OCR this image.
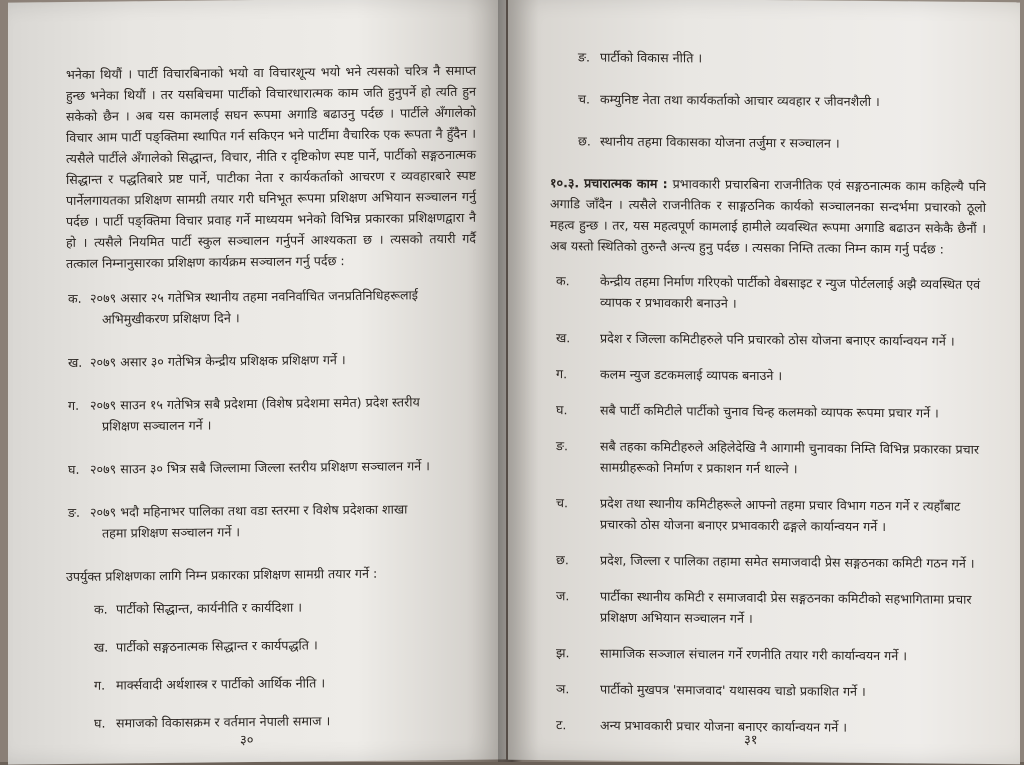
भनेका थियौं । पार्टी विचारबिनाको भयो वा विचारशून्य भयो भने त्यसको चरित्र नै समाप्त हुन्छ भनेका थियौं । तर यसबिचमा पार्टीको विचारधारात्मक काम जति हुनुपर्ने हो त्यति हुन सकेको छैन । अब यस कामलाई सघन रूपमा अगाडि बढाउनु पर्दछ । पार्टीले अँगालेको विचार आम पार्टी पङ्क्तिमा स्थापित गर्न सकिएन भने पार्टीमा वैचारिक एक रूपता नै हुँदैन । त्यसैले पार्टीले अँगालेको सिद्धान्त, विचार, नीति र दृष्टिकोण स्पष्ट पार्ने, पार्टीको सङ्गठनात्मक सिद्धान्त र पद्धतिबारे प्रष्ट पार्ने, पाटीका नेता र कार्यकर्ताको आचरण र व्यवहारबारे स्पष्ट पार्नेलगायतका प्रशिक्षण सामग्री तयार गरी घनिभूत रूपमा प्रशिक्षण अभियान सञ्चालन गर्नु पर्दछ । पार्टी पङ्क्तिमा विचार प्रवाह गर्ने माध्ययम भनेको विभिन्न प्रकारका प्रशिक्षणद्वारा नै हो । त्यसैले नियमित पार्टी स्कुल सञ्चालन गर्नुपर्ने आश्यकता छ । त्यसको तयारी गर्दै तत्काल निम्नानुसारका प्रशिक्षण कार्यक्रम सञ्चालन गर्नु पर्दछ :

क. २०७९ असार २५ गतेभित्र स्थानीय तहमा नवनिर्वाचित जनप्रतिनिधिहरूलाई
अभिमुखीकरण प्रशिक्षण दिने ।
ख. २०७९ असार ३० गतेभित्र केन्द्रीय प्रशिक्षक प्रशिक्षण गर्ने ।
ग. २०७९ साउन १५ गतेभित्र सबै प्रदेशमा (विशेष प्रदेशमा समेत) प्रदेश स्तरीय
प्रशिक्षण सञ्चालन गर्ने ।
घ. २०७९ साउन ३० भित्र सबै जिल्लामा जिल्ला स्तरीय प्रशिक्षण सञ्चालन गर्ने ।
ङ. २०७९ भदौ महिनाभर पालिका तथा वडा स्तरमा र विशेष प्रदेशका शाखा
तहमा प्रशिक्षण सञ्चालन गर्ने ।

उपर्युक्त प्रशिक्षणका लागि निम्न प्रकारका प्रशिक्षण सामग्री तयार गर्ने :

क. पार्टीको सिद्धान्त, कार्यनीति र कार्यदिशा ।
ख. पार्टीको सङ्गठनात्मक सिद्धान्त र कार्यपद्धति ।
ग. मार्क्सवादी अर्थशास्त्र र पार्टीको आर्थिक नीति ।
घ. समाजको विकासक्रम र वर्तमान नेपाली समाज ।
३०
ङ. पार्टीको विकास नीति ।
च. कम्युनिष्ट नेता तथा कार्यकर्ताको आचार व्यवहार र जीवनशैली ।
छ. स्थानीय तहमा विकासका योजना तर्जुमा र सञ्चालन ।

१०.३. प्रचारात्मक काम : प्रभावकारी प्रचारबिना राजनीतिक एवं सङ्गठनात्मक काम कहिल्यै पनि अगाडि जाँदैन । त्यसैले राजनीतिक र साङ्गठनिक कार्यको सञ्चालनका सन्दर्भमा प्रचारको ठूलो महत्व हुन्छ । तर, यस महत्वपूर्ण कामलाई हामीले व्यवस्थित रूपमा अगाडि बढाउन सकेकै छैनौं । अब यस्तो स्थितिको तुरुन्तै अन्त्य हुनु पर्दछ । त्यसका निम्ति तत्का निम्न काम गर्नु पर्दछ :

क. केन्द्रीय तहमा निर्माण गरिएको पार्टीको वेबसाइट र न्युज पोर्टललाई अझै व्यवस्थित एवं व्यापक र प्रभावकारी बनाउने ।
ख. प्रदेश र जिल्ला कमिटीहरुले पनि प्रचारको ठोस योजना बनाएर कार्यान्वयन गर्ने ।
ग.	कलम न्युज डटकमलाई व्यापक बनाउने ।
घ.	सबै पार्टी कमिटीले पार्टीको चुनाव चिन्ह कलमको व्यापक रूपमा प्रचार गर्ने ।
ङ.	सबै तहका कमिटीहरुले अहिलेदेखि नै आगामी चुनावका निम्ति विभिन्न प्रकारका प्रचार सामग्रीहरूको निर्माण र प्रकाशन गर्न थाल्ने ।
च.	प्रदेश तथा स्थानीय कमिटीहरूले आफ्नो तहमा प्रचार विभाग गठन गर्ने र त्यहाँबाट प्रचारको ठोस योजना बनाएर प्रभावकारी ढङ्गले कार्यान्वयन गर्ने ।
छ. प्रदेश, जिल्ला र पालिका तहामा समेत समाजवादी प्रेस सङ्गठनका कमिटी गठन गर्ने ।
ज. पार्टीका स्थानीय कमिटी र समाजवादी प्रेस सङ्गठनका कमिटीको सहभागितामा प्रचार प्रशिक्षण अभियान सञ्चालन गर्ने ।
झ. सामाजिक सञ्जाल संचालन गर्ने रणनीति तयार गरी कार्यान्वयन गर्ने ।
ञ. पार्टीको मुखपत्र 'समाजवाद' यथासक्य चाडो प्रकाशित गर्ने ।
ट.	अन्य प्रभावकारी प्रचार योजना बनाएर कार्यान्वयन गर्ने ।
३१
